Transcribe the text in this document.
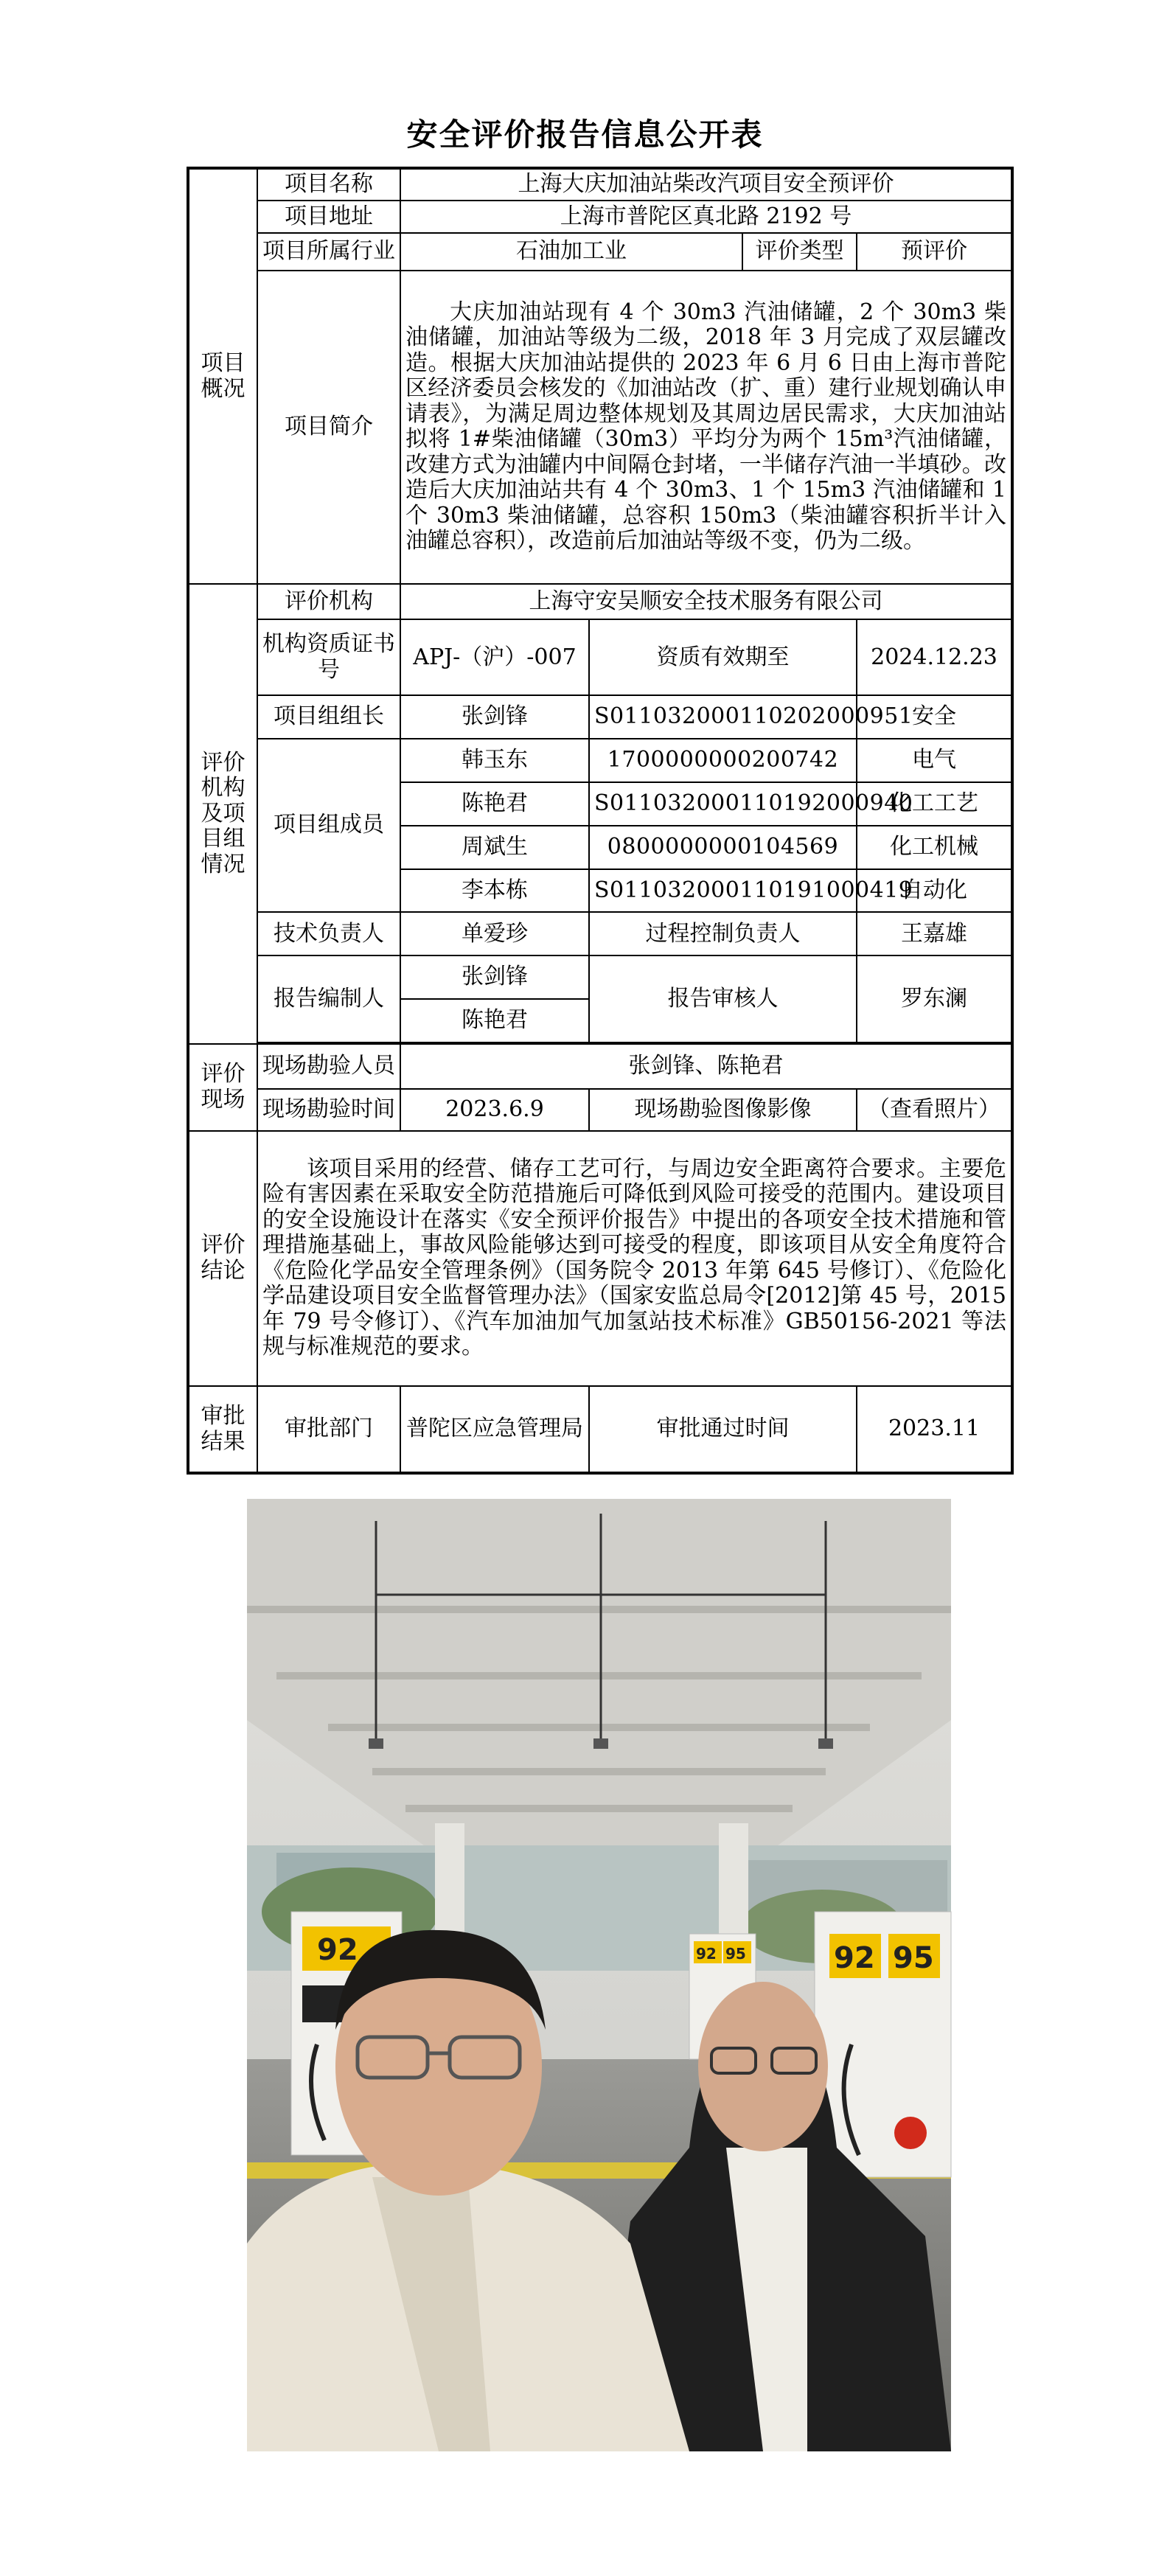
安全评价报告信息公开表
项目概况	项目名称	上海大庆加油站柴改汽项目安全预评价			
	项目地址	上海市普陀区真北路 2192 号			
	项目所属行业	石油加工业		评价类型	预评价
	项目简介	大庆加油站现有 4 个 30m3 汽油储罐，2 个 30m3 柴油储罐，加油站等级为二级，2018 年 3 月完成了双层罐改造。根据大庆加油站提供的 2023 年 6 月 6 日由上海市普陀区经济委员会核发的《加油站改（扩、重）建行业规划确认申请表》，为满足周边整体规划及其周边居民需求，大庆加油站拟将 1#柴油储罐（30m3）平均分为两个 15m³汽油储罐，改建方式为油罐内中间隔仓封堵，一半储存汽油一半填砂。改造后大庆加油站共有 4 个 30m3、1 个 15m3 汽油储罐和 1 个 30m3 柴油储罐，总容积 150m3（柴油罐容积折半计入油罐总容积），改造前后加油站等级不变，仍为二级。			

评价机构及项目组情况	评价机构	上海守安吴顺安全技术服务有限公司			
	机构资质证书号	APJ-（沪）-007	资质有效期至		2024.12.23
	项目组组长	张剑锋	S011032000110202000951		安全
	项目组成员	韩玉东	1700000000200742		电气
		陈艳君	S011032000110192000940		化工工艺
		周斌生	0800000000104569		化工机械
		李本栋	S011032000110191000419		自动化
	技术负责人	单爱珍	过程控制负责人		王嘉雄
	报告编制人	张剑锋	报告审核人		罗东澜
		陈艳君			

评价现场	现场勘验人员	张剑锋、陈艳君			
	现场勘验时间	2023.6.9	现场勘验图像影像		（查看照片）

评价结论	该项目采用的经营、储存工艺可行，与周边安全距离符合要求。主要危险有害因素在采取安全防范措施后可降低到风险可接受的范围内。建设项目的安全设施设计在落实《安全预评价报告》中提出的各项安全技术措施和管理措施基础上，事故风险能够达到可接受的程度，即该项目从安全角度符合《危险化学品安全管理条例》（国务院令 2013 年第 645 号修订）、《危险化学品建设项目安全监督管理办法》（国家安监总局令[2012]第 45 号，2015 年 79 号令修订）、《汽车加油加气加氢站技术标准》GB50156-2021 等法规与标准规范的要求。				

审批结果	审批部门	普陀区应急管理局	审批通过时间		2023.11
92	92 95	92 95
